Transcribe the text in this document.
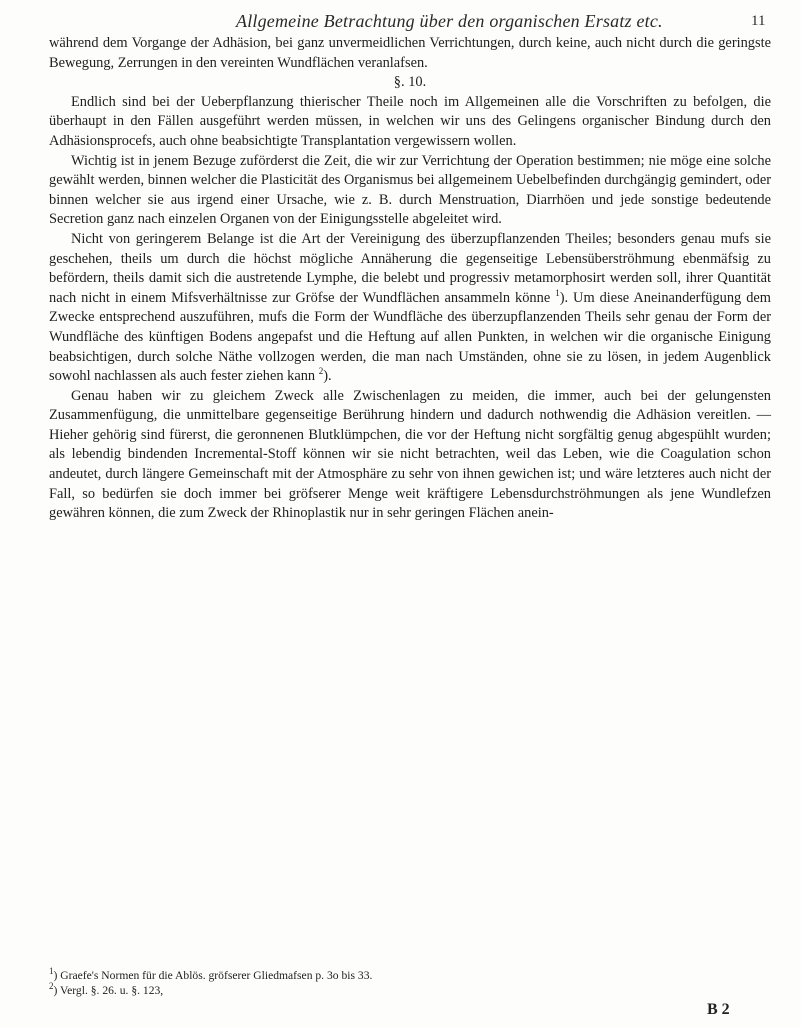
Allgemeine Betrachtung über den organischen Ersatz etc.	11

während dem Vorgange der Adhäsion, bei ganz unvermeidlichen Verrichtungen, durch keine, auch nicht durch die geringste Bewegung, Zerrungen in den vereinten Wundflächen veranlafsen.

§. 10.

Endlich sind bei der Ueberpflanzung thierischer Theile noch im Allgemeinen alle die Vorschriften zu befolgen, die überhaupt in den Fällen ausgeführt werden müssen, in welchen wir uns des Gelingens organischer Bindung durch den Adhäsionsprocefs, auch ohne beabsichtigte Transplantation vergewissern wollen.

Wichtig ist in jenem Bezuge zuförderst die Zeit, die wir zur Verrichtung der Operation bestimmen; nie möge eine solche gewählt werden, binnen welcher die Plasticität des Organismus bei allgemeinem Uebelbefinden durchgängig gemindert, oder binnen welcher sie aus irgend einer Ursache, wie z. B. durch Menstruation, Diarrhöen und jede sonstige bedeutende Secretion ganz nach einzelen Organen von der Einigungsstelle abgeleitet wird.

Nicht von geringerem Belange ist die Art der Vereinigung des überzupflanzenden Theiles; besonders genau mufs sie geschehen, theils um durch die höchst mögliche Annäherung die gegenseitige Lebensüberströhmung ebenmäfsig zu befördern, theils damit sich die austretende Lymphe, die belebt und progressiv metamorphosirt werden soll, ihrer Quantität nach nicht in einem Mifsverhältnisse zur Gröfse der Wundflächen ansammeln könne $^1$). Um diese Aneinanderfügung dem Zwecke entsprechend auszuführen, mufs die Form der Wundfläche des überzupflanzenden Theils sehr genau der Form der Wundfläche des künftigen Bodens angepafst und die Heftung auf allen Punkten, in welchen wir die organische Einigung beabsichtigen, durch solche Näthe vollzogen werden, die man nach Umständen, ohne sie zu lösen, in jedem Augenblick sowohl nachlassen als auch fester ziehen kann $^2$).

Genau haben wir zu gleichem Zweck alle Zwischenlagen zu meiden, die immer, auch bei der gelungensten Zusammenfügung, die unmittelbare gegenseitige Berührung hindern und dadurch nothwendig die Adhäsion vereitlen. — Hieher gehörig sind fürerst, die geronnenen Blutklümpchen, die vor der Heftung nicht sorgfältig genug abgespühlt wurden; als lebendig bindenden Incremental-Stoff können wir sie nicht betrachten, weil das Leben, wie die Coagulation schon andeutet, durch längere Gemeinschaft mit der Atmosphäre zu sehr von ihnen gewichen ist; und wäre letzteres auch nicht der Fall, so bedürfen sie doch immer bei gröfserer Menge weit kräftigere Lebensdurchströhmungen als jene Wundlefzen gewähren können, die zum Zweck der Rhinoplastik nur in sehr geringen Flächen anein-

$^1$) Graefe's Normen für die Ablös. gröfserer Gliedmafsen p. 3o bis 33.

$^2$) Vergl. §. 26. u. §. 123,

B 2
